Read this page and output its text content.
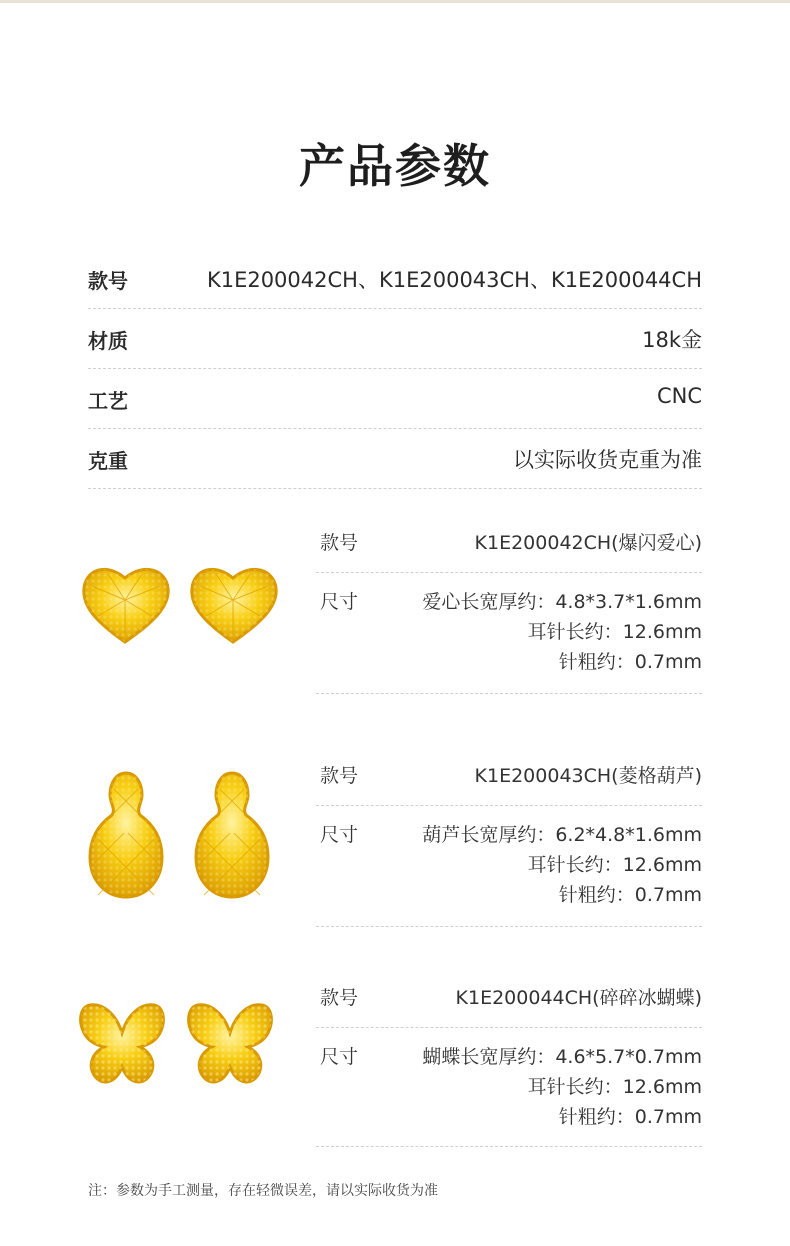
产品参数
款号	K1E200042CH、K1E200043CH、K1E200044CH
材质	18k金
工艺	CNC
克重	以实际收货克重为准
款号	K1E200042CH(爆闪爱心)
尺寸	爱心长宽厚约：4.8*3.7*1.6mm
耳针长约：12.6mm
针粗约：0.7mm
款号	K1E200043CH(菱格葫芦)
尺寸	葫芦长宽厚约：6.2*4.8*1.6mm
耳针长约：12.6mm
针粗约：0.7mm
款号	K1E200044CH(碎碎冰蝴蝶)
尺寸	蝴蝶长宽厚约：4.6*5.7*0.7mm
耳针长约：12.6mm
针粗约：0.7mm
注：参数为手工测量，存在轻微误差，请以实际收货为准
